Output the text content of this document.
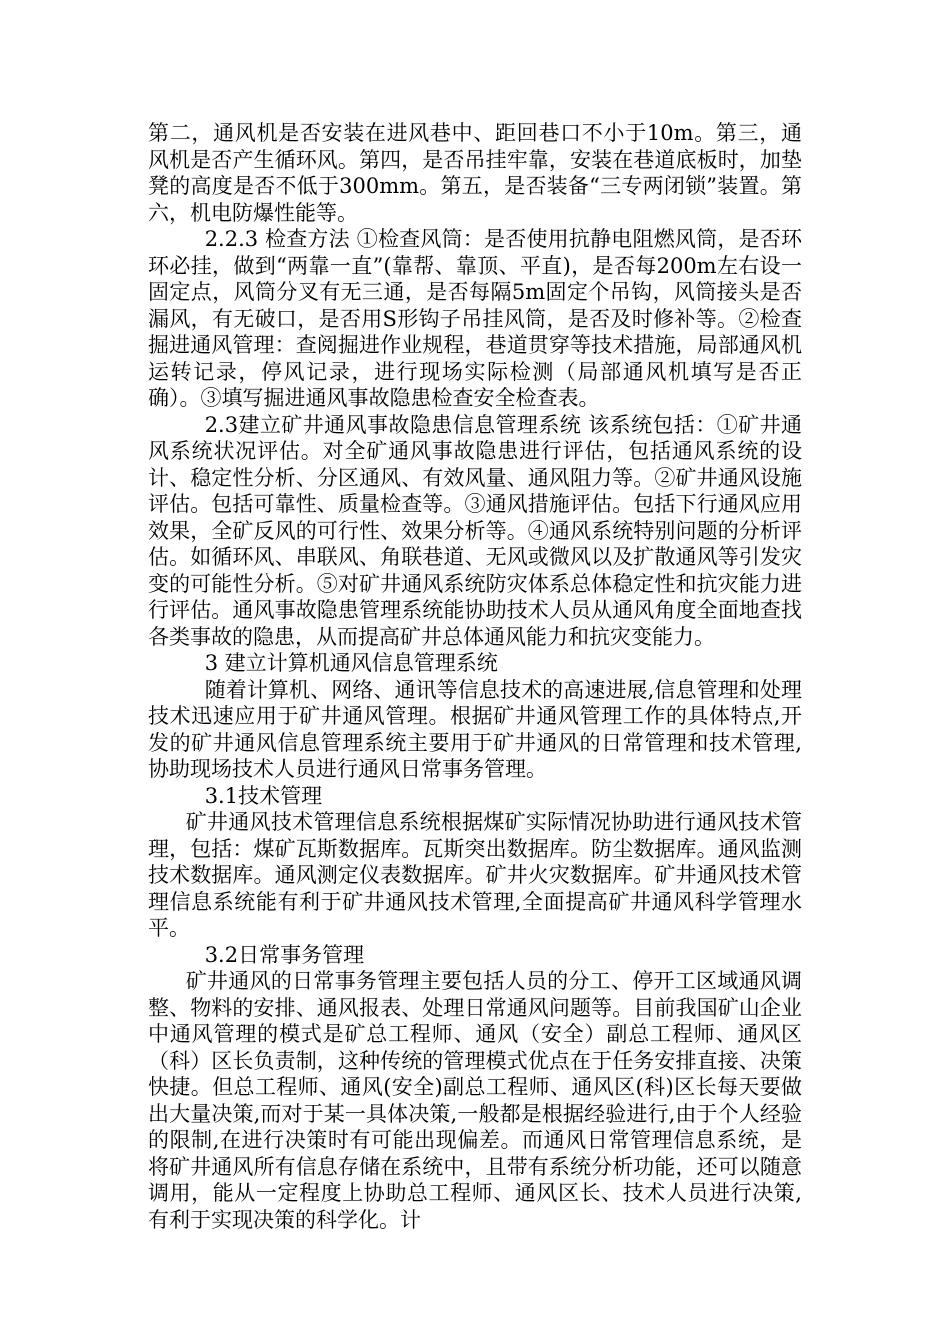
第二，通风机是否安装在进风巷中、距回巷口不小于10m。第三，通风机是否产生循环风。第四，是否吊挂牢靠，安装在巷道底板时，加垫凳的高度是否不低于300mm。第五，是否装备“三专两闭锁”装置。第六，机电防爆性能等。

2.2.3 检查方法 ①检查风筒：是否使用抗静电阻燃风筒，是否环环必挂，做到“两靠一直”(靠帮、靠顶、平直)，是否每200m左右设一固定点，风筒分叉有无三通，是否每隔5m固定个吊钩，风筒接头是否漏风，有无破口，是否用S形钩子吊挂风筒，是否及时修补等。②检查掘进通风管理：查阅掘进作业规程，巷道贯穿等技术措施，局部通风机运转记录，停风记录，进行现场实际检测（局部通风机填写是否正确）。③填写掘进通风事故隐患检查安全检查表。

2.3建立矿井通风事故隐患信息管理系统 该系统包括：①矿井通风系统状况评估。对全矿通风事故隐患进行评估，包括通风系统的设计、稳定性分析、分区通风、有效风量、通风阻力等。②矿井通风设施评估。包括可靠性、质量检查等。③通风措施评估。包括下行通风应用效果，全矿反风的可行性、效果分析等。④通风系统特别问题的分析评估。如循环风、串联风、角联巷道、无风或微风以及扩散通风等引发灾变的可能性分析。⑤对矿井通风系统防灾体系总体稳定性和抗灾能力进行评估。通风事故隐患管理系统能协助技术人员从通风角度全面地查找各类事故的隐患，从而提高矿井总体通风能力和抗灾变能力。

3 建立计算机通风信息管理系统

随着计算机、网络、通讯等信息技术的高速进展,信息管理和处理技术迅速应用于矿井通风管理。根据矿井通风管理工作的具体特点,开发的矿井通风信息管理系统主要用于矿井通风的日常管理和技术管理,协助现场技术人员进行通风日常事务管理。

3.1技术管理

矿井通风技术管理信息系统根据煤矿实际情况协助进行通风技术管理，包括：煤矿瓦斯数据库。瓦斯突出数据库。防尘数据库。通风监测技术数据库。通风测定仪表数据库。矿井火灾数据库。矿井通风技术管理信息系统能有利于矿井通风技术管理,全面提高矿井通风科学管理水平。

3.2日常事务管理

矿井通风的日常事务管理主要包括人员的分工、停开工区域通风调整、物料的安排、通风报表、处理日常通风问题等。目前我国矿山企业中通风管理的模式是矿总工程师、通风（安全）副总工程师、通风区（科）区长负责制，这种传统的管理模式优点在于任务安排直接、决策快捷。但总工程师、通风(安全)副总工程师、通风区(科)区长每天要做出大量决策,而对于某一具体决策,一般都是根据经验进行,由于个人经验的限制,在进行决策时有可能出现偏差。而通风日常管理信息系统，是将矿井通风所有信息存储在系统中，且带有系统分析功能，还可以随意调用，能从一定程度上协助总工程师、通风区长、技术人员进行决策,有利于实现决策的科学化。计
